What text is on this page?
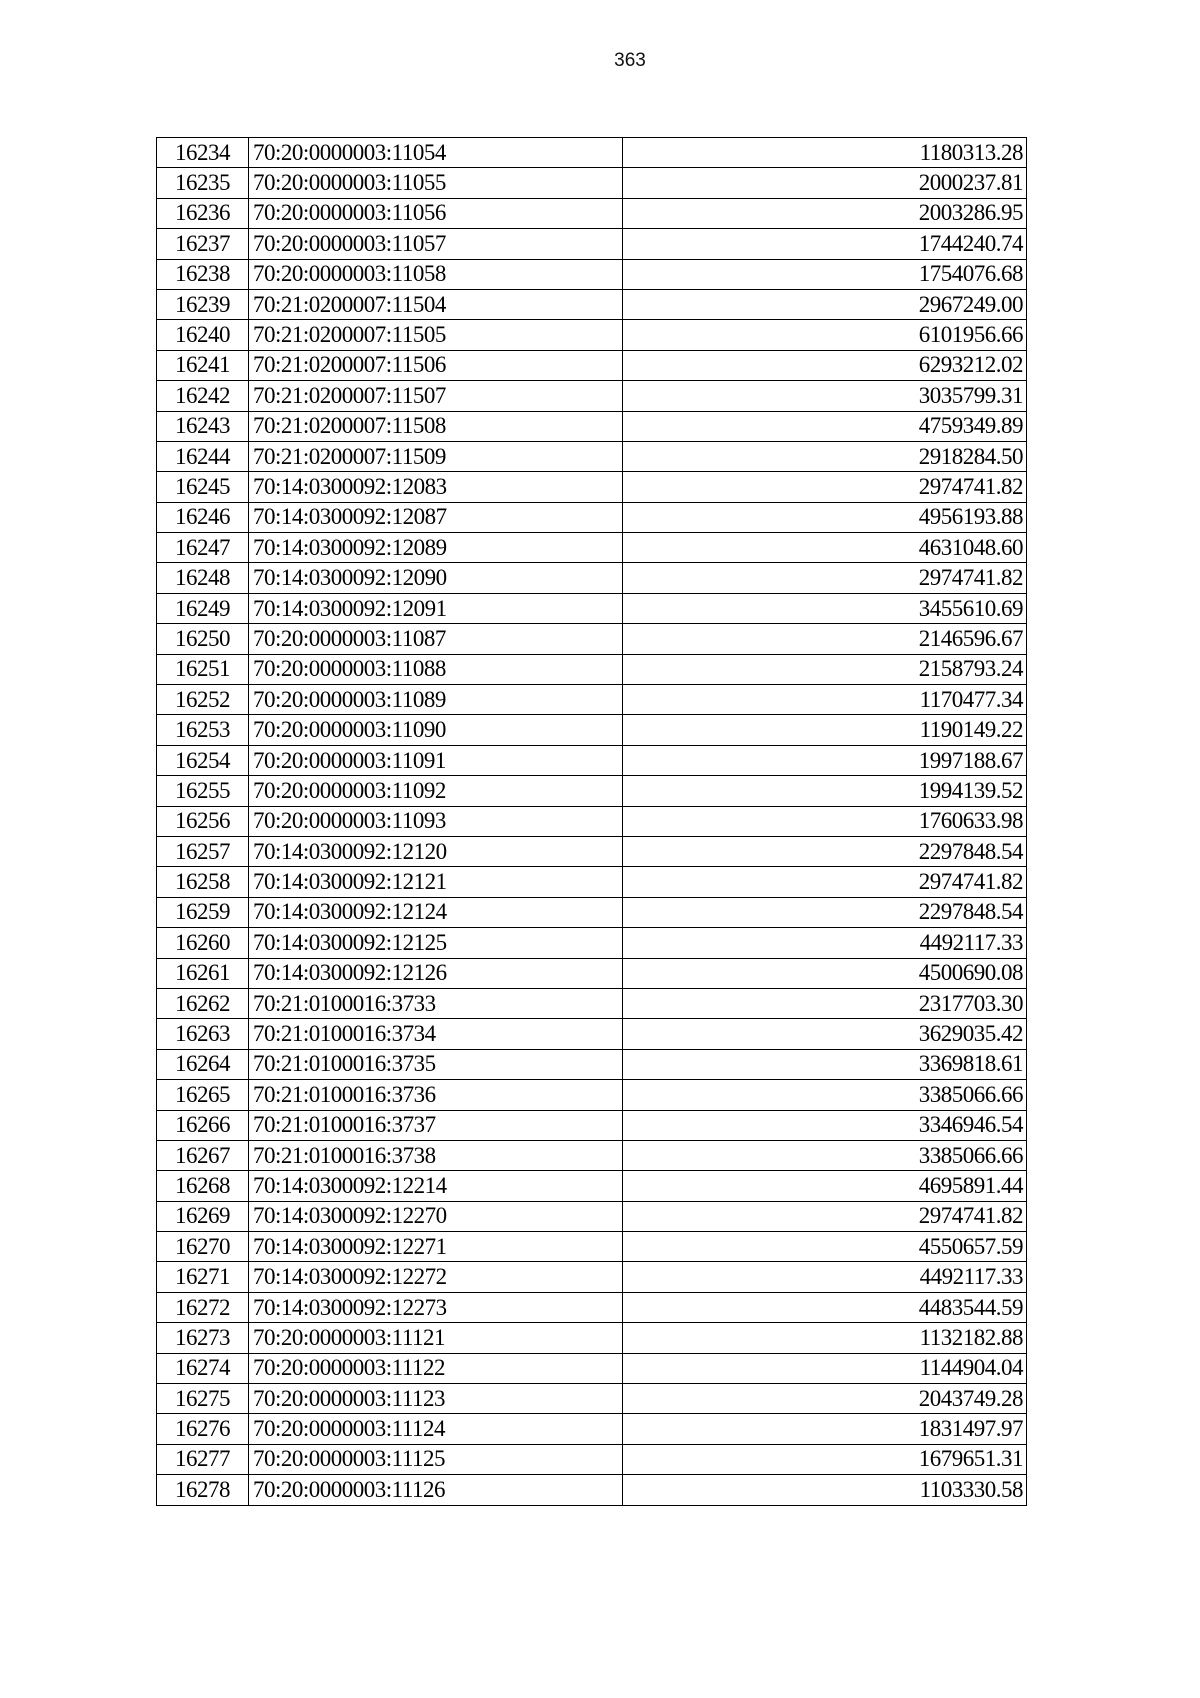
363
16234	70:20:0000003:11054	1180313.28
16235	70:20:0000003:11055	2000237.81
16236	70:20:0000003:11056	2003286.95
16237	70:20:0000003:11057	1744240.74
16238	70:20:0000003:11058	1754076.68
16239	70:21:0200007:11504	2967249.00
16240	70:21:0200007:11505	6101956.66
16241	70:21:0200007:11506	6293212.02
16242	70:21:0200007:11507	3035799.31
16243	70:21:0200007:11508	4759349.89
16244	70:21:0200007:11509	2918284.50
16245	70:14:0300092:12083	2974741.82
16246	70:14:0300092:12087	4956193.88
16247	70:14:0300092:12089	4631048.60
16248	70:14:0300092:12090	2974741.82
16249	70:14:0300092:12091	3455610.69
16250	70:20:0000003:11087	2146596.67
16251	70:20:0000003:11088	2158793.24
16252	70:20:0000003:11089	1170477.34
16253	70:20:0000003:11090	1190149.22
16254	70:20:0000003:11091	1997188.67
16255	70:20:0000003:11092	1994139.52
16256	70:20:0000003:11093	1760633.98
16257	70:14:0300092:12120	2297848.54
16258	70:14:0300092:12121	2974741.82
16259	70:14:0300092:12124	2297848.54
16260	70:14:0300092:12125	4492117.33
16261	70:14:0300092:12126	4500690.08
16262	70:21:0100016:3733	2317703.30
16263	70:21:0100016:3734	3629035.42
16264	70:21:0100016:3735	3369818.61
16265	70:21:0100016:3736	3385066.66
16266	70:21:0100016:3737	3346946.54
16267	70:21:0100016:3738	3385066.66
16268	70:14:0300092:12214	4695891.44
16269	70:14:0300092:12270	2974741.82
16270	70:14:0300092:12271	4550657.59
16271	70:14:0300092:12272	4492117.33
16272	70:14:0300092:12273	4483544.59
16273	70:20:0000003:11121	1132182.88
16274	70:20:0000003:11122	1144904.04
16275	70:20:0000003:11123	2043749.28
16276	70:20:0000003:11124	1831497.97
16277	70:20:0000003:11125	1679651.31
16278	70:20:0000003:11126	1103330.58
